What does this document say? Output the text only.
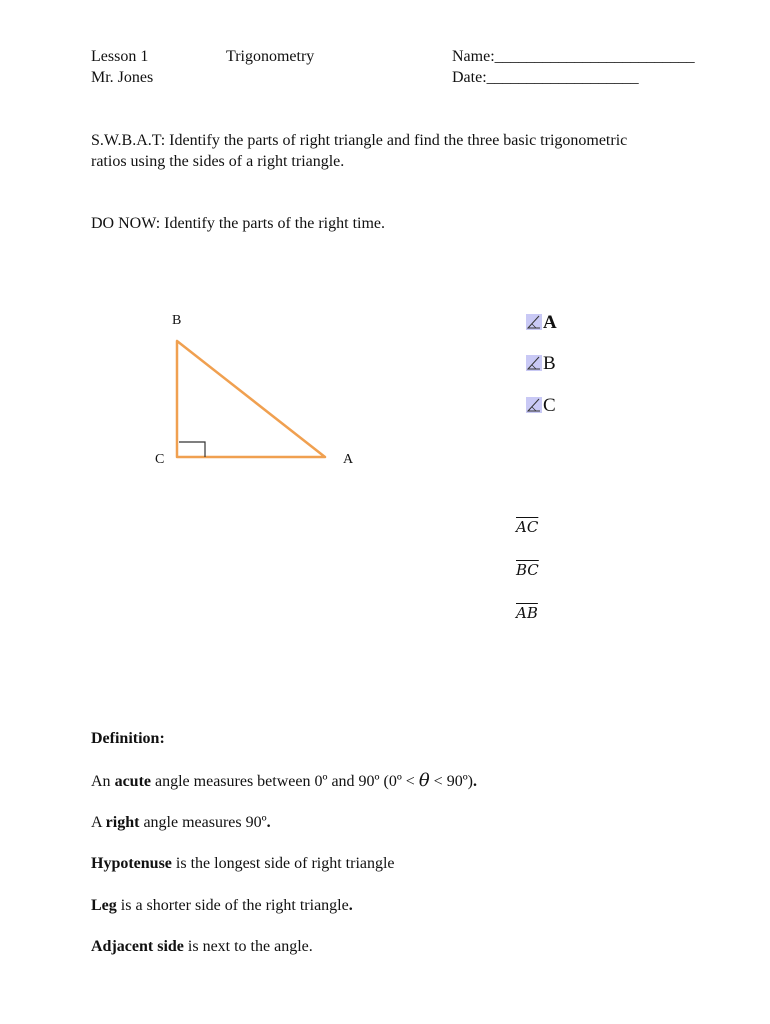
Lesson 1
Mr. Jones
Trigonometry	Name:_________________________
Date:___________________
S.W.B.A.T: Identify the parts of right triangle and find the three basic trigonometric
ratios using the sides of a right triangle.
DO NOW: Identify the parts of the right time.
B
C	A
A
B
C
$\overline{AC}$
$\overline{BC}$
$\overline{AB}$
Definition:
An acute angle measures between 0º and 90º (0º < θ < 90º).
A right angle measures 90º.
Hypotenuse is the longest side of right triangle
Leg is a shorter side of the right triangle.
Adjacent side is next to the angle.
